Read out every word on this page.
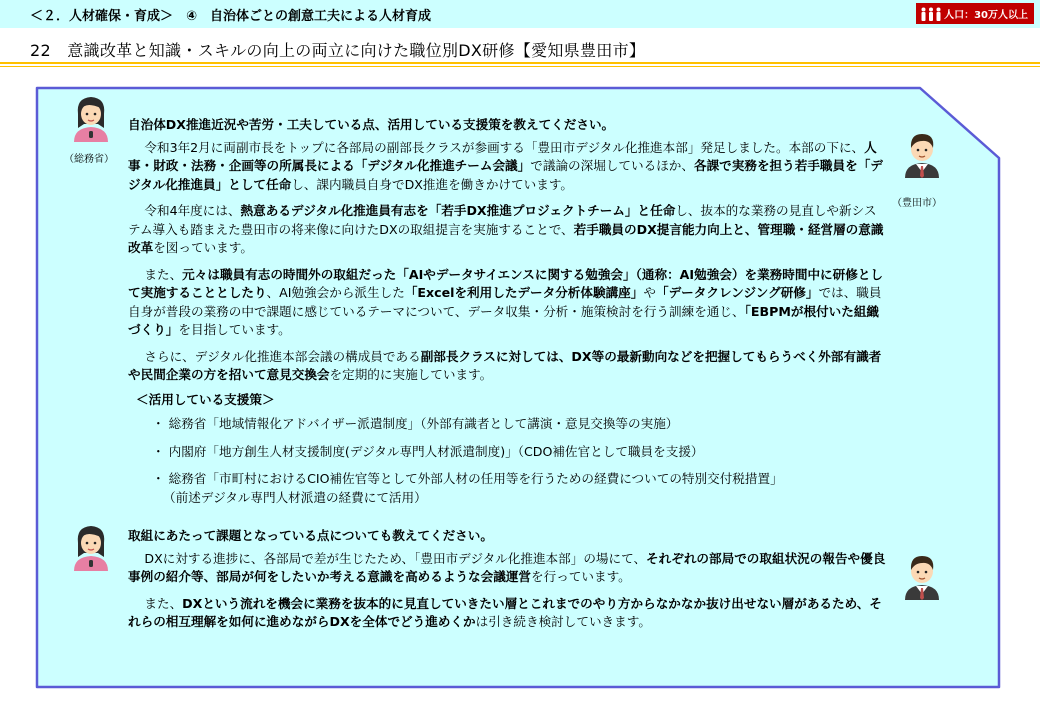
＜２．人材確保・育成＞　④　自治体ごとの創意工夫による人材育成	人口：30万人以上
22　意識改革と知識・スキルの向上の両立に向けた職位別DX研修【愛知県豊田市】
（総務省）
（豊田市）

自治体DX推進近況や苦労・工夫している点、活用している支援策を教えてください。

令和3年2月に両副市長をトップに各部局の副部長クラスが参画する「豊田市デジタル化推進本部」発足しました。本部の下に、人事・財政・法務・企画等の所属長による「デジタル化推進チーム会議」で議論の深堀しているほか、各課で実務を担う若手職員を「デジタル化推進員」として任命し、課内職員自身でDX推進を働きかけています。

令和4年度には、熱意あるデジタル化推進員有志を「若手DX推進プロジェクトチーム」と任命し、抜本的な業務の見直しや新システム導入も踏まえた豊田市の将来像に向けたDXの取組提言を実施することで、若手職員のDX提言能力向上と、管理職・経営層の意識改革を図っています。

また、元々は職員有志の時間外の取組だった「AIやデータサイエンスに関する勉強会」（通称：AI勉強会）を業務時間中に研修として実施することとしたり、AI勉強会から派生した「Excelを利用したデータ分析体験講座」や「データクレンジング研修」では、職員自身が普段の業務の中で課題に感じているテーマについて、データ収集・分析・施策検討を行う訓練を通じ、「EBPMが根付いた組織づくり」を目指しています。

さらに、デジタル化推進本部会議の構成員である副部長クラスに対しては、DX等の最新動向などを把握してもらうべく外部有識者や民間企業の方を招いて意見交換会を定期的に実施しています。

＜活用している支援策＞

・ 総務省「地域情報化アドバイザー派遣制度」（外部有識者として講演・意見交換等の実施）

・ 内閣府「地方創生人材支援制度(デジタル専門人材派遣制度)」（CDO補佐官として職員を支援）

・ 総務省「市町村におけるCIO補佐官等として外部人材の任用等を行うための経費についての特別交付税措置」
（前述デジタル専門人材派遣の経費にて活用）

取組にあたって課題となっている点についても教えてください。

DXに対する進捗に、各部局で差が生じたため、「豊田市デジタル化推進本部」の場にて、それぞれの部局での取組状況の報告や優良事例の紹介等、部局が何をしたいか考える意識を高めるような会議運営を行っています。

また、DXという流れを機会に業務を抜本的に見直していきたい層とこれまでのやり方からなかなか抜け出せない層があるため、それらの相互理解を如何に進めながらDXを全体でどう進めくかは引き続き検討していきます。
